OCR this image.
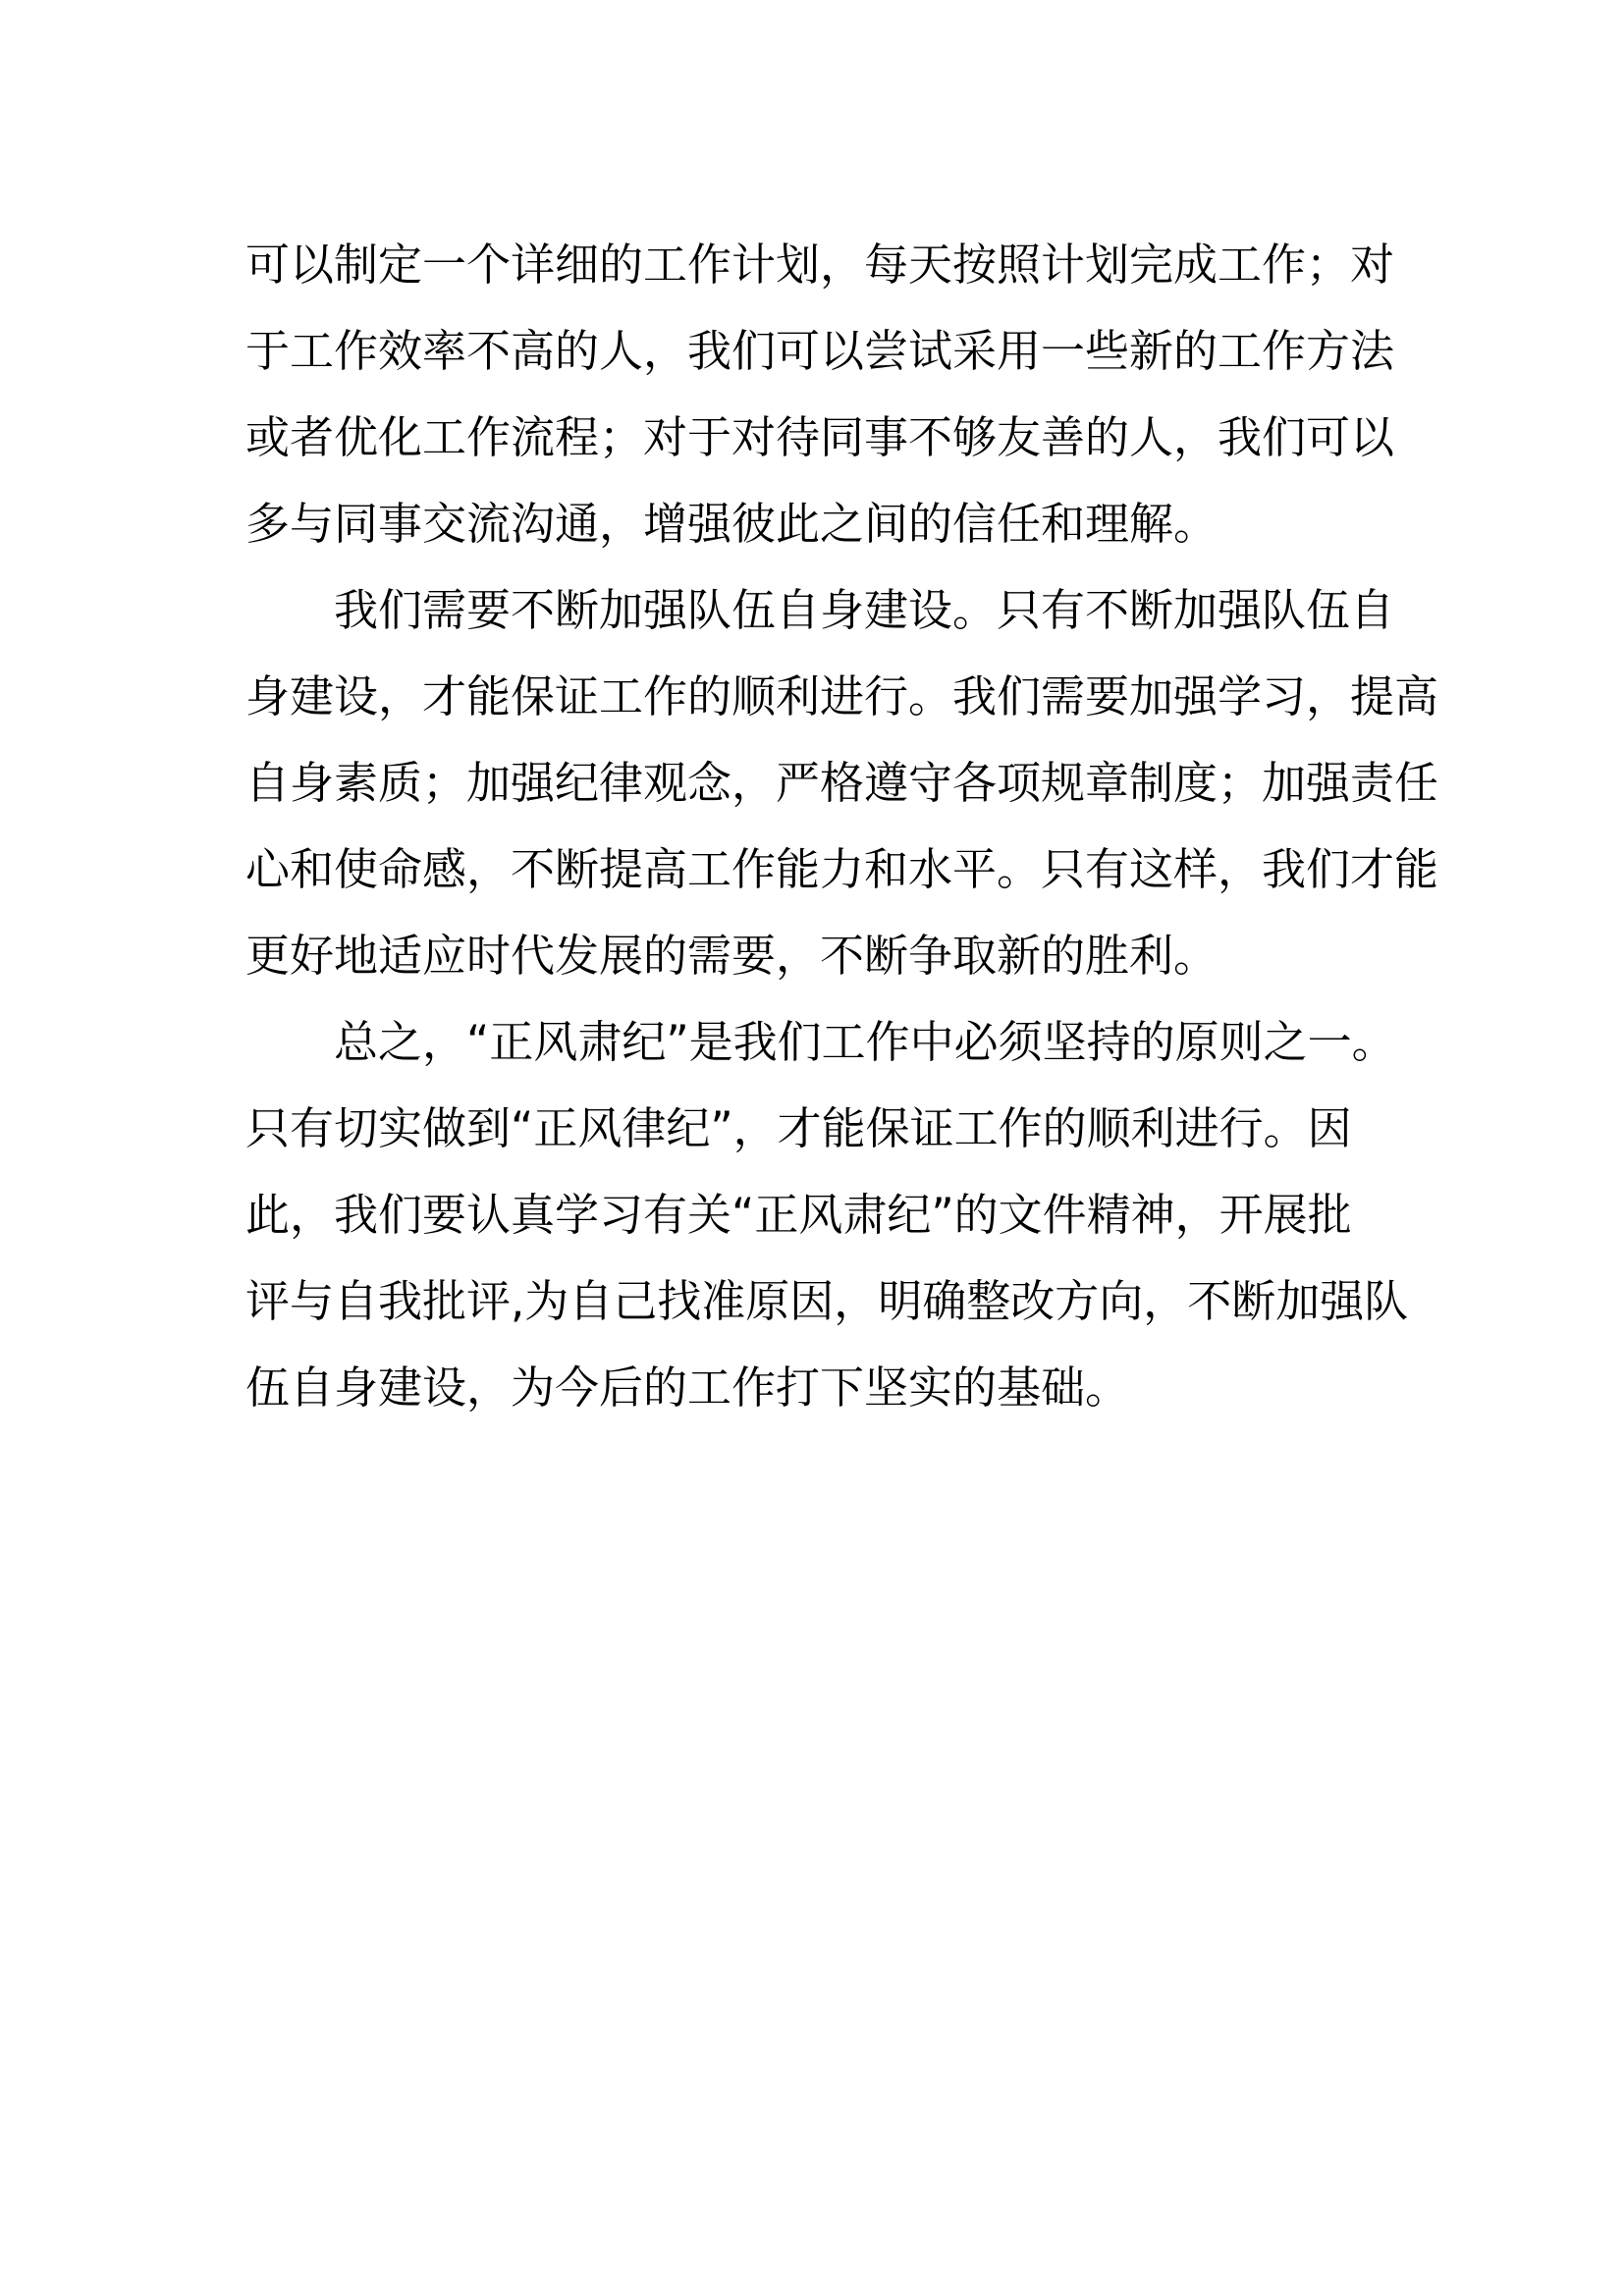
可以制定一个详细的工作计划，每天按照计划完成工作；对
于工作效率不高的人，我们可以尝试采用一些新的工作方法
或者优化工作流程；对于对待同事不够友善的人，我们可以
多与同事交流沟通，增强彼此之间的信任和理解。
　　我们需要不断加强队伍自身建设。只有不断加强队伍自
身建设，才能保证工作的顺利进行。我们需要加强学习，提高
自身素质；加强纪律观念，严格遵守各项规章制度；加强责任
心和使命感，不断提高工作能力和水平。只有这样，我们才能
更好地适应时代发展的需要，不断争取新的胜利。
　　总之，“正风肃纪”是我们工作中必须坚持的原则之一。
只有切实做到“正风律纪”，才能保证工作的顺利进行。因
此，我们要认真学习有关“正风肃纪”的文件精神，开展批
评与自我批评,为自己找准原因，明确整改方向，不断加强队
伍自身建设，为今后的工作打下坚实的基础。
